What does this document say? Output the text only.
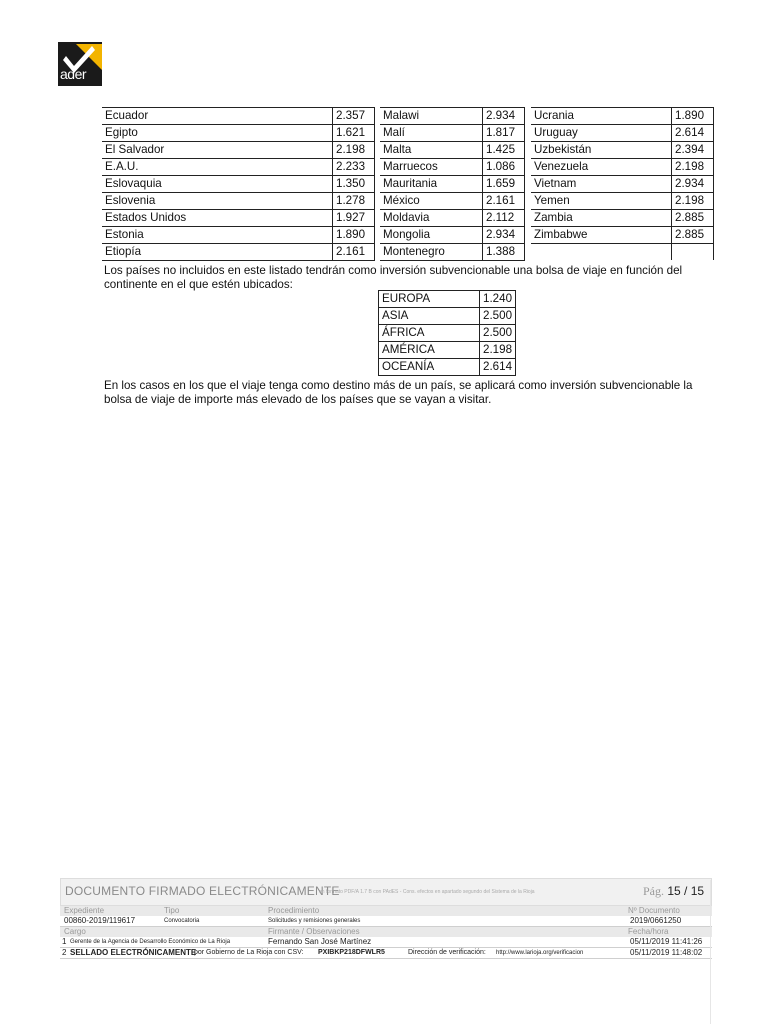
ader
Ecuador	2.357
Egipto	1.621
El Salvador	2.198
E.A.U.	2.233
Eslovaquia	1.350
Eslovenia	1.278
Estados Unidos	1.927
Estonia	1.890
Etiopía	2.161
Malawi	2.934
Malí	1.817
Malta	1.425
Marruecos	1.086
Mauritania	1.659
México	2.161
Moldavia	2.112
Mongolia	2.934
Montenegro	1.388
Ucrania	1.890
Uruguay	2.614
Uzbekistán	2.394
Venezuela	2.198
Vietnam	2.934
Yemen	2.198
Zambia	2.885
Zimbabwe	2.885

Los países no incluidos en este listado tendrán como inversión subvencionable una bolsa de viaje en función del continente en el que estén ubicados:

EUROPA	1.240
ASIA	2.500
ÁFRICA	2.500
AMÉRICA	2.198
OCEANÍA	2.614

En los casos en los que el viaje tenga como destino más de un país, se aplicará como inversión subvencionable la bolsa de viaje de importe más elevado de los países que se vayan a visitar.

DOCUMENTO FIRMADO ELECTRÓNICAMENTE
en formato PDF/A 1.7 B con PAdES - Cons. efectos en apartado segundo del Sistema de la Rioja	Pág. 15 / 15
Expediente	Tipo	Procedimiento	Nº Documento
00860-2019/119617	Convocatoria	Solicitudes y remisiones generales	2019/0661250
Cargo	Firmante / Observaciones	Fecha/hora
1 Gerente de la Agencia de Desarrollo Económico de La Rioja	Fernando San José Martínez	05/11/2019 11:41:26
2 SELLADO ELECTRÓNICAMENTE
por Gobierno de La Rioja con CSV: PXIBKP218DFWLR5	Dirección de verificación: http://www.larioja.org/verificacion	05/11/2019 11:48:02
